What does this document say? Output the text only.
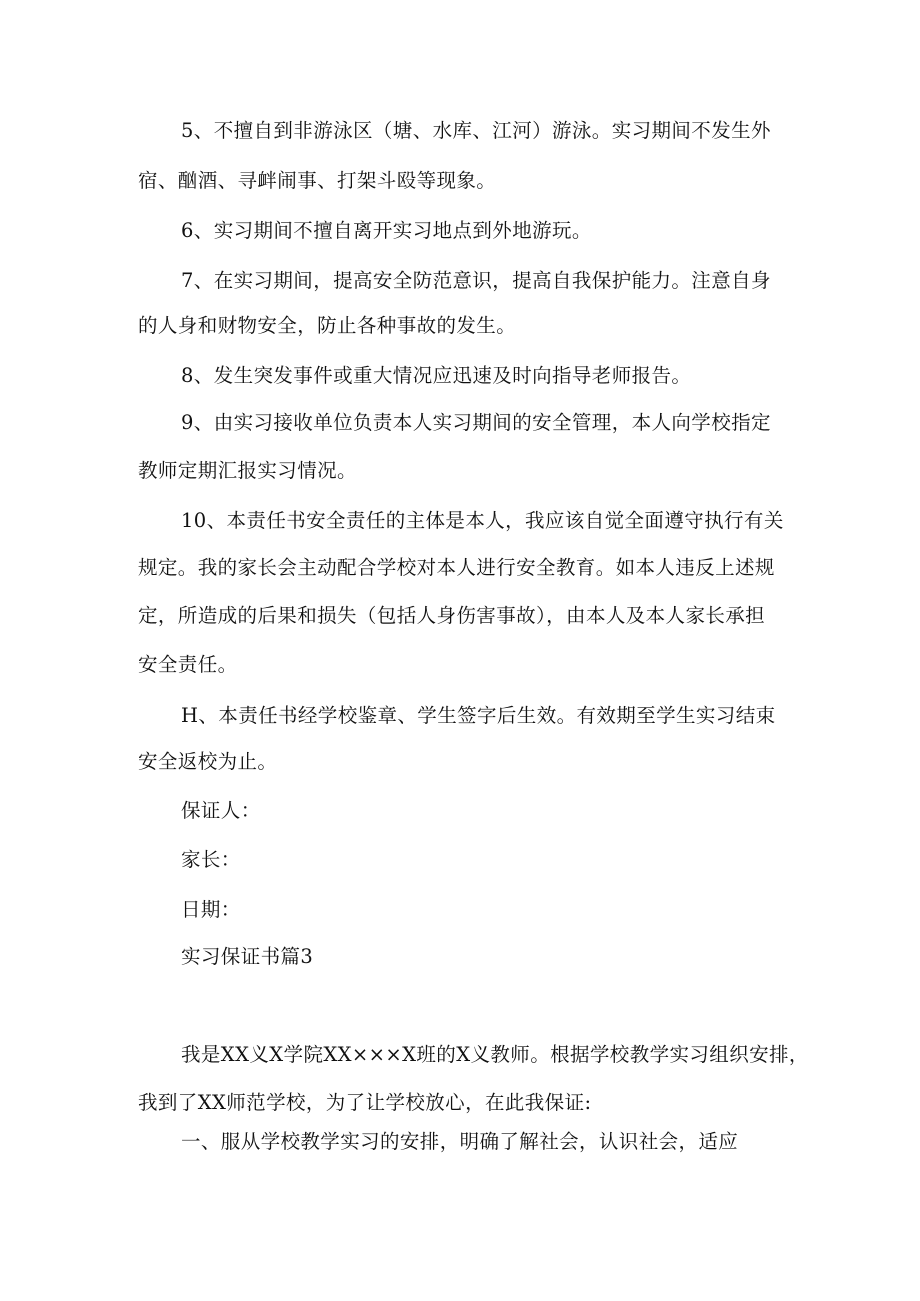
5、不擅自到非游泳区（塘、水库、江河）游泳。实习期间不发生外

宿、酗酒、寻衅闹事、打架斗殴等现象。

6、实习期间不擅自离开实习地点到外地游玩。

7、在实习期间，提高安全防范意识，提高自我保护能力。注意自身

的人身和财物安全，防止各种事故的发生。

8、发生突发事件或重大情况应迅速及时向指导老师报告。

9、由实习接收单位负责本人实习期间的安全管理，本人向学校指定

教师定期汇报实习情况。

10、本责任书安全责任的主体是本人，我应该自觉全面遵守执行有关

规定。我的家长会主动配合学校对本人进行安全教育。如本人违反上述规

定，所造成的后果和损失（包括人身伤害事故），由本人及本人家长承担

安全责任。

H、本责任书经学校鉴章、学生签字后生效。有效期至学生实习结束

安全返校为止。

保证人：

家长：

日期：

实习保证书篇3

我是XX义X学院XX×××X班的X义教师。根据学校教学实习组织安排，

我到了XX师范学校，为了让学校放心，在此我保证:

一、服从学校教学实习的安排，明确了解社会，认识社会，适应
